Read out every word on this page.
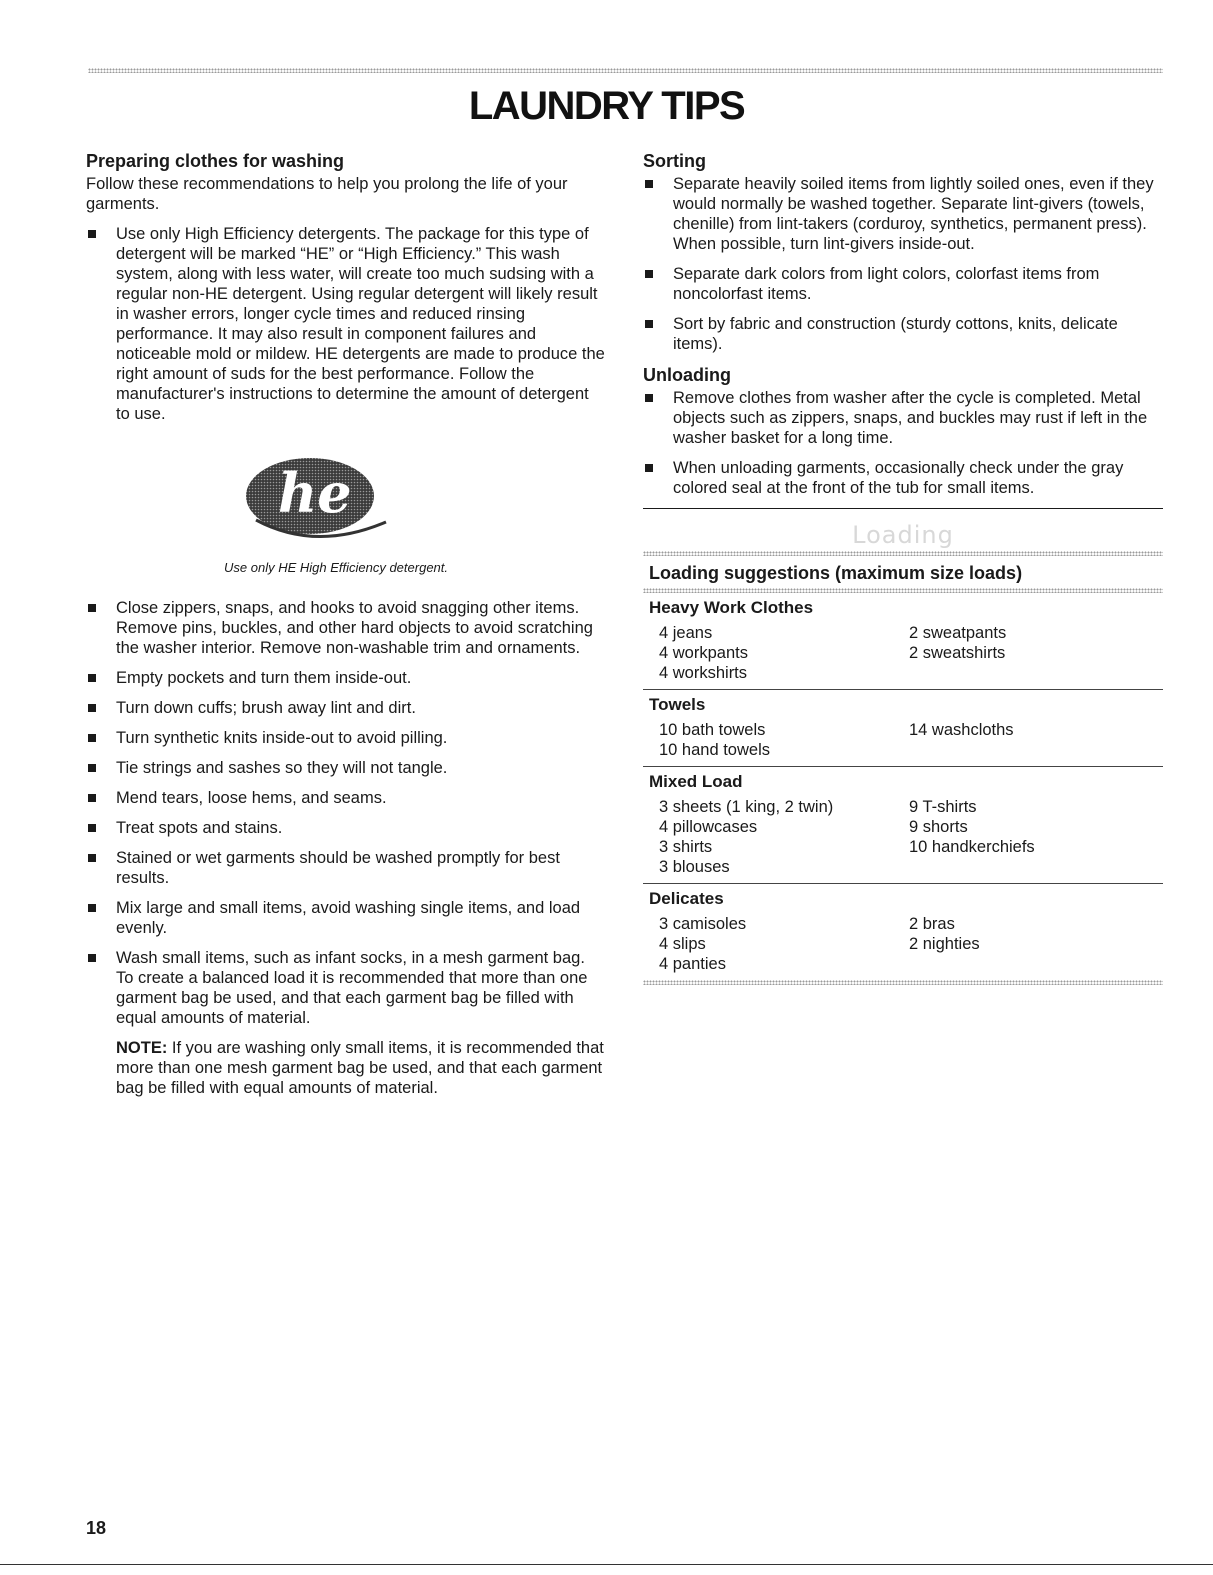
LAUNDRY TIPS
Preparing clothes for washing

Follow these recommendations to help you prolong the life of your garments.

Use only High Efficiency detergents. The package for this type of detergent will be marked “HE” or “High Efficiency.” This wash system, along with less water, will create too much sudsing with a regular non-HE detergent. Using regular detergent will likely result in washer errors, longer cycle times and reduced rinsing performance. It may also result in component failures and noticeable mold or mildew. HE detergents are made to produce the right amount of suds for the best performance. Follow the manufacturer's instructions to determine the amount of detergent to use.
he
Use only HE High Efficiency detergent.
Close zippers, snaps, and hooks to avoid snagging other items. Remove pins, buckles, and other hard objects to avoid scratching the washer interior. Remove non-washable trim and ornaments.
Empty pockets and turn them inside-out.
Turn down cuffs; brush away lint and dirt.
Turn synthetic knits inside-out to avoid pilling.
Tie strings and sashes so they will not tangle.
Mend tears, loose hems, and seams.
Treat spots and stains.
Stained or wet garments should be washed promptly for best results.
Mix large and small items, avoid washing single items, and load evenly.
Wash small items, such as infant socks, in a mesh garment bag. To create a balanced load it is recommended that more than one garment bag be used, and that each garment bag be filled with equal amounts of material.

NOTE: If you are washing only small items, it is recommended that more than one mesh garment bag be used, and that each garment bag be filled with equal amounts of material.

Sorting
Separate heavily soiled items from lightly soiled ones, even if they would normally be washed together. Separate lint-givers (towels, chenille) from lint-takers (corduroy, synthetics, permanent press). When possible, turn lint-givers inside-out.
Separate dark colors from light colors, colorfast items from noncolorfast items.
Sort by fabric and construction (sturdy cottons, knits, delicate items).
Unloading
Remove clothes from washer after the cycle is completed. Metal objects such as zippers, snaps, and buckles may rust if left in the washer basket for a long time.
When unloading garments, occasionally check under the gray colored seal at the front of the tub for small items.
Loading
Loading suggestions (maximum size loads)
Heavy Work Clothes
4 jeans
4 workpants
4 workshirts
2 sweatpants
2 sweatshirts
Towels
10 bath towels
10 hand towels
14 washcloths
Mixed Load
3 sheets (1 king, 2 twin)
4 pillowcases
3 shirts
3 blouses
9 T-shirts
9 shorts
10 handkerchiefs
Delicates
3 camisoles
4 slips
4 panties
2 bras
2 nighties
18
